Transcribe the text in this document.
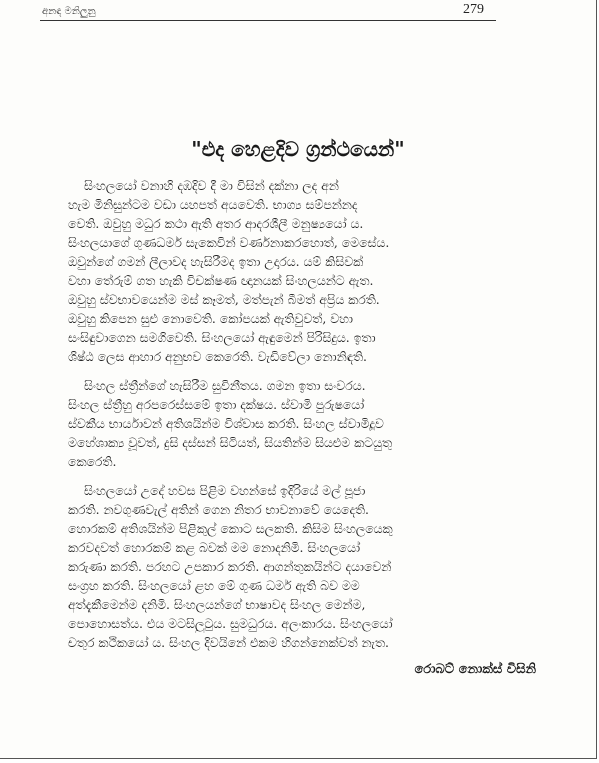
අනඳ මනිලුනු	279
"එද හෙළදිව ග්‍රන්ථයෙන්"
සිංහලයෝ වනාහි දඹදිව දී මා විසින් දක්නා ලද අන්
හැම මිනිසුන්ටම වඩා යහපත් අයවෙති. භාග්‍ය සම්පන්නද
වෙති. ඔවුහු මධුර කථා ඇති අතර ආදරශීලී මනුෂ්‍යයෝ ය.
සිංහලයාගේ ගුණධර්ම සැකෙවින් වර්ණනාකරහොත්, මෙසේය.
ඔවුන්ගේ ගමන් ලීලාවද හැසිරීමද ඉතා උදාරය. යම් කිසිවක්
වහා තේරුම් ගත හැකි විචක්ෂණ ඥානයක් සිංහලයන්ට ඇත.
ඔවුහු ස්වභාවයෙන්ම මස් කෑමත්, මත්පැන් බීමත් අප්‍රිය කරති.
ඔවුහු කිපෙන සුළු නොවෙති. කෝපයක් ඇතිවුවත්, වහා
සංසිඳුවාගෙන සමගිවෙති. සිංහලයෝ ඇඳුමෙන් පිරිසිදුය. ඉතා
ශිෂ්ඨ ලෙස ආහාර අනුභව කෙරෙති. වැඩිවේලා නොනිඳති.
සිංහල ස්ත්‍රීන්ගේ හැසිරීම සුවිනීතය. ගමන ඉතා සංවරය.
සිංහල ස්ත්‍රීහු අරපරෙස්සමේ ඉතා දක්ෂය. ස්වාමි පුරුෂයෝ
ස්වකීය භාර්යාවන් අතිශයින්ම විශ්වාස කරති. සිංහල ස්වාමිදූව
මහේශාක්‍ය වූවත්, දුසි දස්සන් සිටියත්, සියතින්ම සියළුම කටයුතු
කෙරෙති.
සිංහලයෝ උදේ හවස පිළිම වහන්සේ ඉදිරියේ මල් පූජා
කරති. නවගුණවැල් අතින් ගෙන නිතර භාවනාවේ යෙදෙති.
හොරකම් අතිශයින්ම පිළිකුල් කොට සලකති. කිසිම සිංහලයෙකු
කරවදවත් හොරකම් කළ බවක් මම නොදනිමි. සිංහලයෝ
කරුණා කරති. පරහට උපකාර කරති. ආගන්තුකයින්ට දයාවෙන්
සංග්‍රහ කරති. සිංහලයෝ ළහ මේ ගුණ ධර්ම ඇති බව මම
අත්දැකීමෙන්ම දනිමි. සිංහලයන්ගේ භාෂාවද සිංහල මෙන්ම,
පොහොසත්ය. එය මටසිලුටුය. සුමධුරය. අලංකාරය. සිංහලයෝ
චතුර කථිකයෝ ය. සිංහල දිවයිනේ එකම හිගන්නෙක්වත් නැත.
රොබට් නොක්ස් විසිනි
